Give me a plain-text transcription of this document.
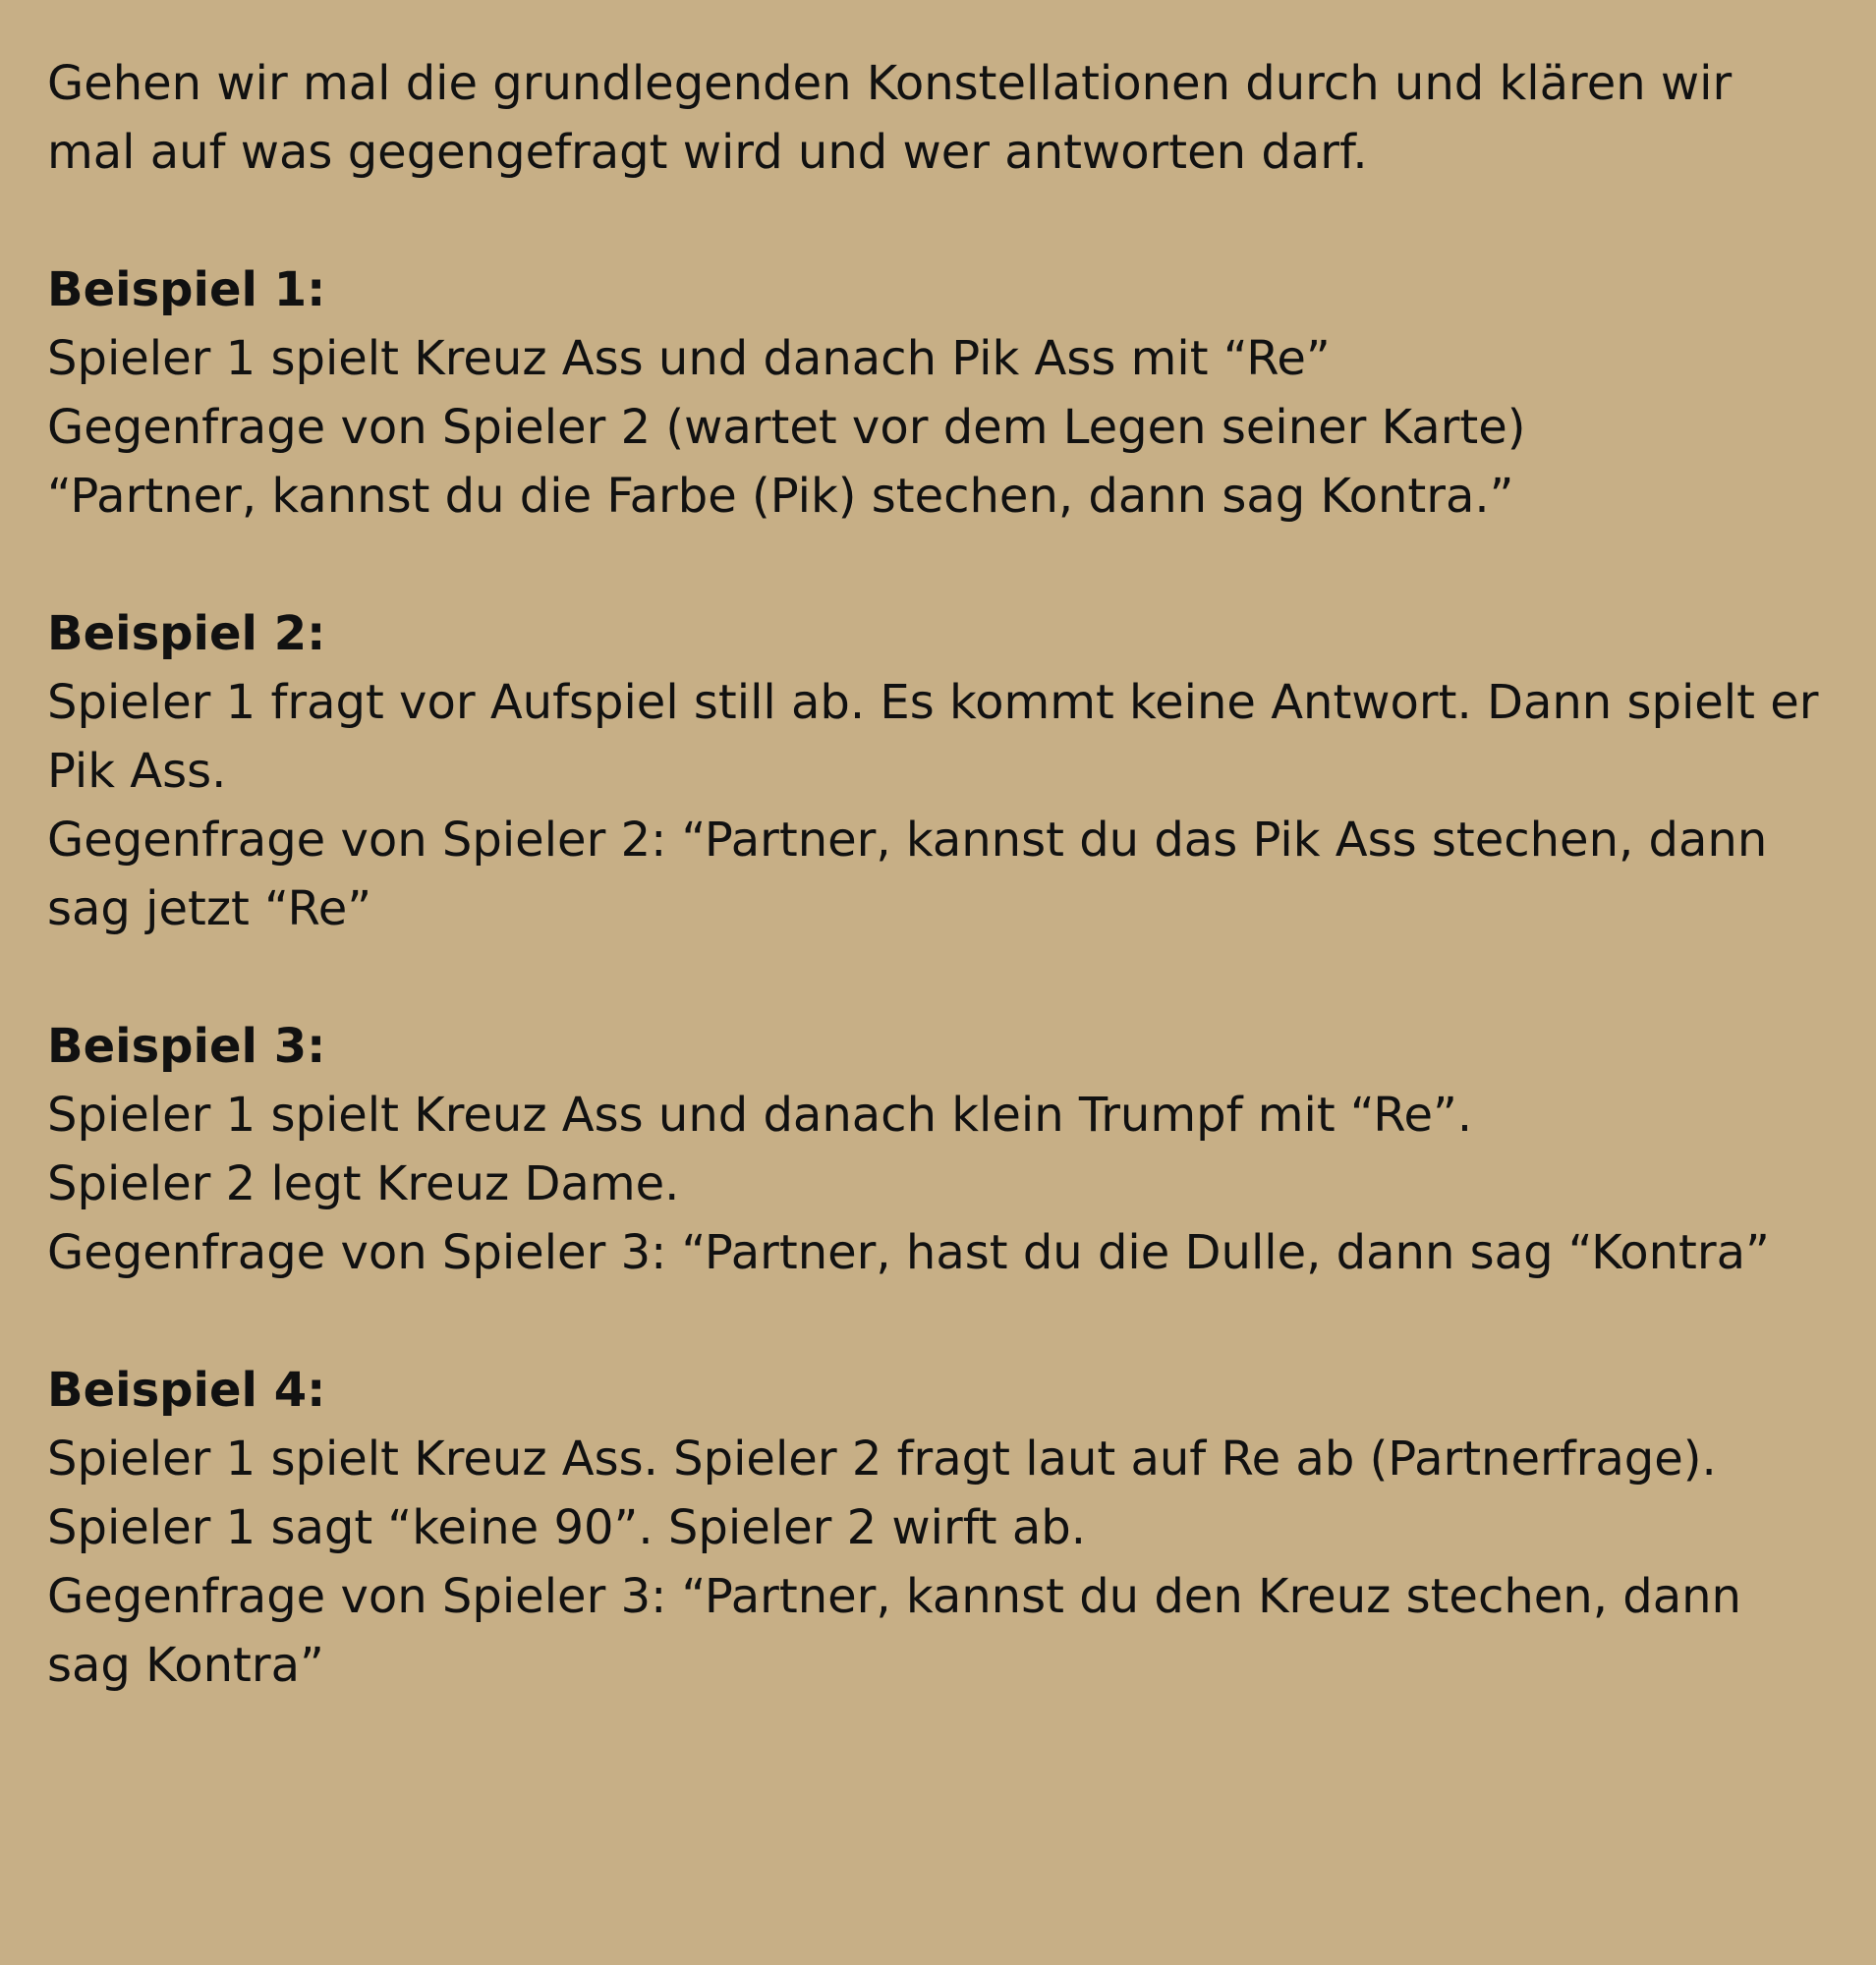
Gehen wir mal die grundlegenden Konstellationen durch und klären wir
mal auf was gegengefragt wird und wer antworten darf.

Beispiel 1:
Spieler 1 spielt Kreuz Ass und danach Pik Ass mit “Re”
Gegenfrage von Spieler 2 (wartet vor dem Legen seiner Karte)
“Partner, kannst du die Farbe (Pik) stechen, dann sag Kontra.”
Beispiel 2:
Spieler 1 fragt vor Aufspiel still ab. Es kommt keine Antwort. Dann spielt er Pik Ass.
Gegenfrage von Spieler 2: “Partner, kannst du das Pik Ass stechen, dann sag jetzt “Re”
Beispiel 3:
Spieler 1 spielt Kreuz Ass und danach klein Trumpf mit “Re”.
Spieler 2 legt Kreuz Dame.
Gegenfrage von Spieler 3: “Partner, hast du die Dulle, dann sag “Kontra”
Beispiel 4:
Spieler 1 spielt Kreuz Ass. Spieler 2 fragt laut auf Re ab (Partnerfrage).
Spieler 1 sagt “keine 90”. Spieler 2 wirft ab.
Gegenfrage von Spieler 3: “Partner, kannst du den Kreuz stechen, dann sag Kontra”
